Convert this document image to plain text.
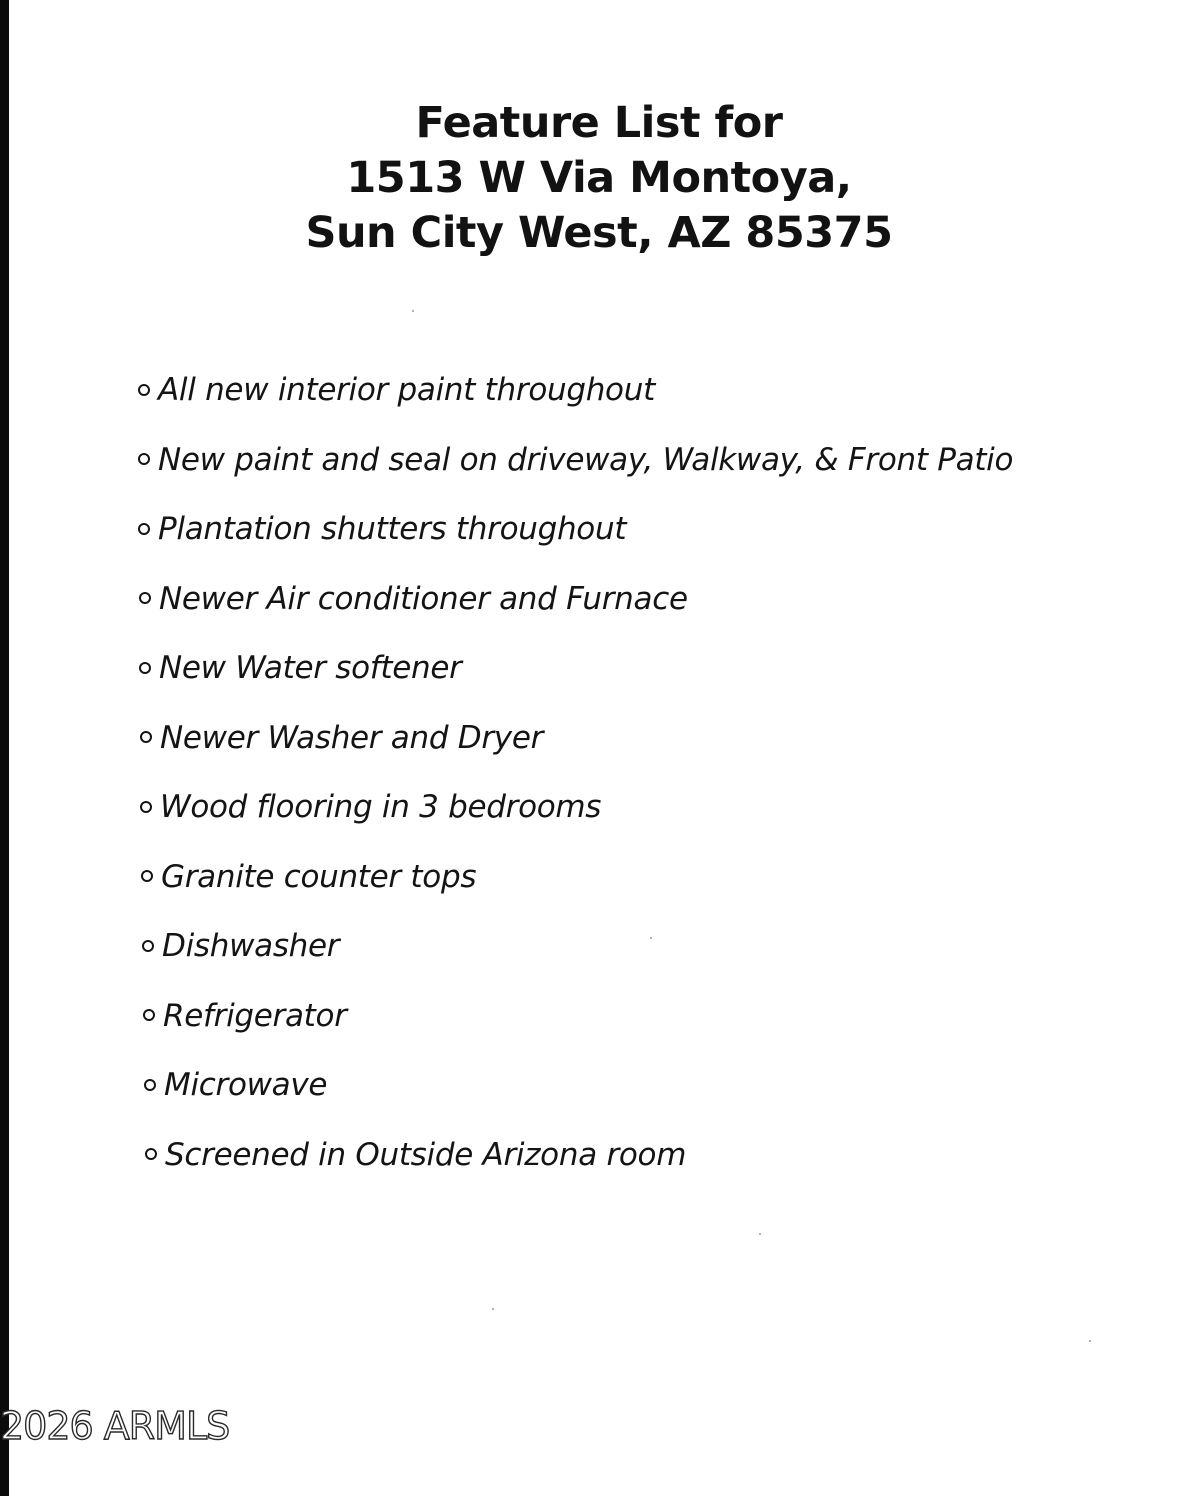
Feature List for
1513 W Via Montoya,
Sun City West, AZ 85375
All new interior paint throughout
New paint and seal on driveway, Walkway, & Front Patio
Plantation shutters throughout
Newer Air conditioner and Furnace
New Water softener
Newer Washer and Dryer
Wood flooring in 3 bedrooms
Granite counter tops
Dishwasher
Refrigerator
Microwave
Screened in Outside Arizona room
2026 ARMLS
